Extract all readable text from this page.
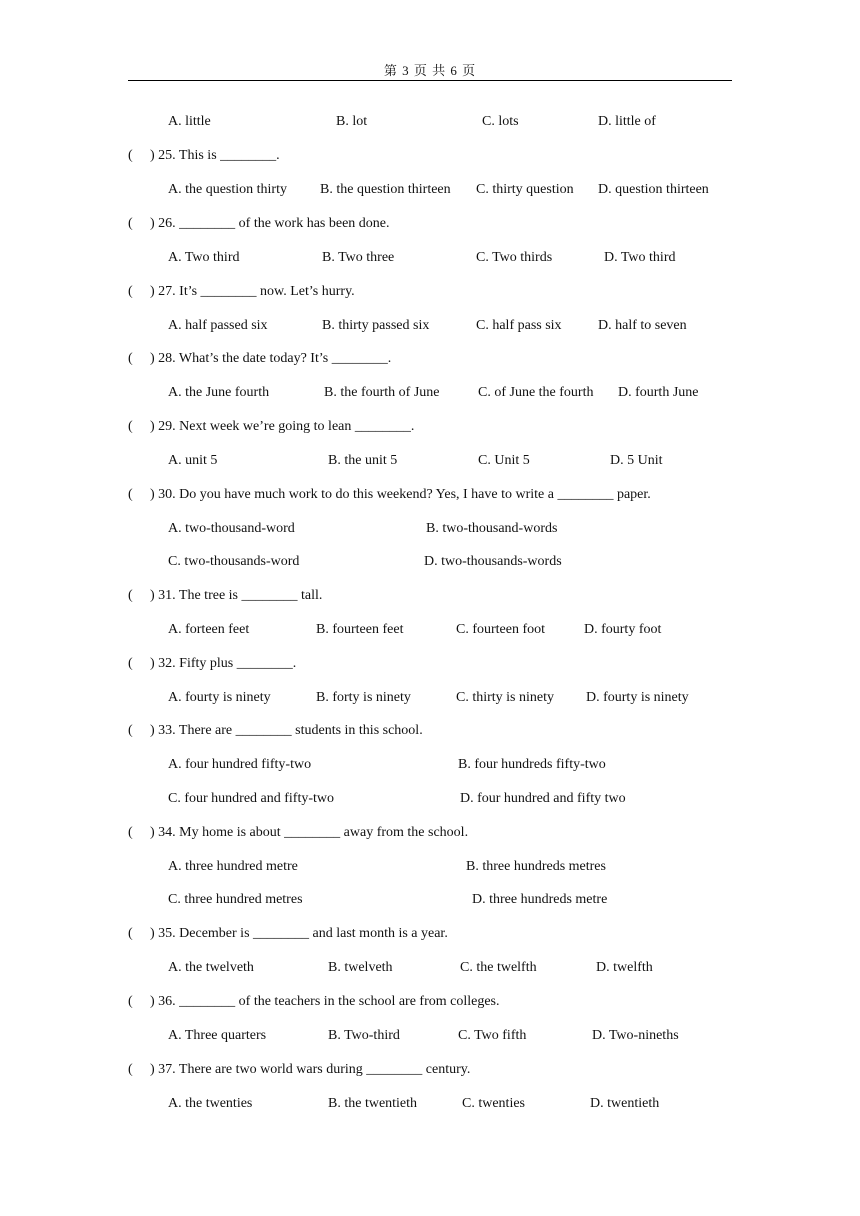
第 3 页 共 6 页
A. little	B. lot	C. lots	D. little of
( ) 25. This is ________.
A. the question thirty B. the question thirteen C. thirty question D. question thirteen
( ) 26. ________ of the work has been done.
A. Two third	B. Two three	C. Two thirds	D. Two third
( ) 27. It’s ________ now. Let’s hurry.
A. half passed six	B. thirty passed six	C. half pass six	D. half to seven
( ) 28. What’s the date today? It’s ________.
A. the June fourth	B. the fourth of June	C. of June the fourth D. fourth June
( ) 29. Next week we’re going to lean ________.
A. unit 5	B. the unit 5	C. Unit 5	D. 5 Unit
( ) 30. Do you have much work to do this weekend? Yes, I have to write a ________ paper.
A. two-thousand-word	B. two-thousand-words
C. two-thousands-word	D. two-thousands-words
( ) 31. The tree is ________ tall.
A. forteen feet	B. fourteen feet	C. fourteen foot	D. fourty foot
( ) 32. Fifty plus ________.
A. fourty is ninety	B. forty is ninety	C. thirty is ninety D. fourty is ninety
( ) 33. There are ________ students in this school.
A. four hundred fifty-two	B. four hundreds fifty-two
C. four hundred and fifty-two	D. four hundred and fifty two
( ) 34. My home is about ________ away from the school.
A. three hundred metre	B. three hundreds metres
C. three hundred metres	D. three hundreds metre
( ) 35. December is ________ and last month is a year.
A. the twelveth	B. twelveth	C. the twelfth	D. twelfth
( ) 36. ________ of the teachers in the school are from colleges.
A. Three quarters	B. Two-third	C. Two fifth	D. Two-nineths
( ) 37. There are two world wars during ________ century.
A. the twenties	B. the twentieth	C. twenties	D. twentieth
